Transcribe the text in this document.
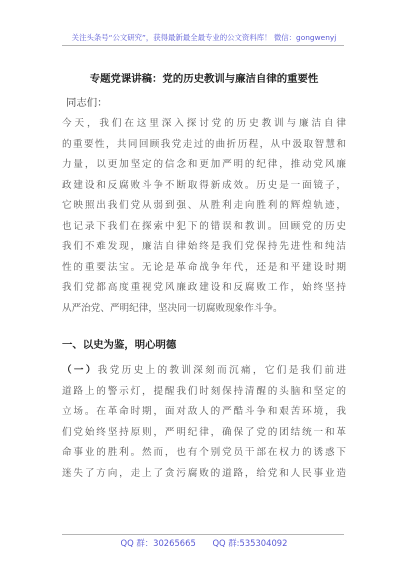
关注头条号“公文研究”，获得最新最全最专业的公文资料库！ 微信：gongwenyj
专题党课讲稿：党的历史教训与廉洁自律的重要性
同志们：
今天，我们在这里深入探讨党的历史教训与廉洁自律
的重要性，共同回顾我党走过的曲折历程，从中汲取智慧和
力量，以更加坚定的信念和更加严明的纪律，推动党风廉
政建设和反腐败斗争不断取得新成效。历史是一面镜子，
它映照出我们党从弱到强、从胜利走向胜利的辉煌轨迹，
也记录下我们在探索中犯下的错误和教训。回顾党的历史
我们不难发现，廉洁自律始终是我们党保持先进性和纯洁
性的重要法宝。无论是革命战争年代，还是和平建设时期
我们党都高度重视党风廉政建设和反腐败工作，始终坚持
从严治党、严明纪律，坚决同一切腐败现象作斗争。
一、以史为鉴，明心明德
（一）我党历史上的教训深刻而沉痛，它们是我们前进
道路上的警示灯，提醒我们时刻保持清醒的头脑和坚定的
立场。在革命时期，面对敌人的严酷斗争和艰苦环境，我
们党始终坚持原则，严明纪律，确保了党的团结统一和革
命事业的胜利。然而，也有个别党员干部在权力的诱惑下
迷失了方向，走上了贪污腐败的道路，给党和人民事业造
QQ 群：30265665 QQ 群:535304092
